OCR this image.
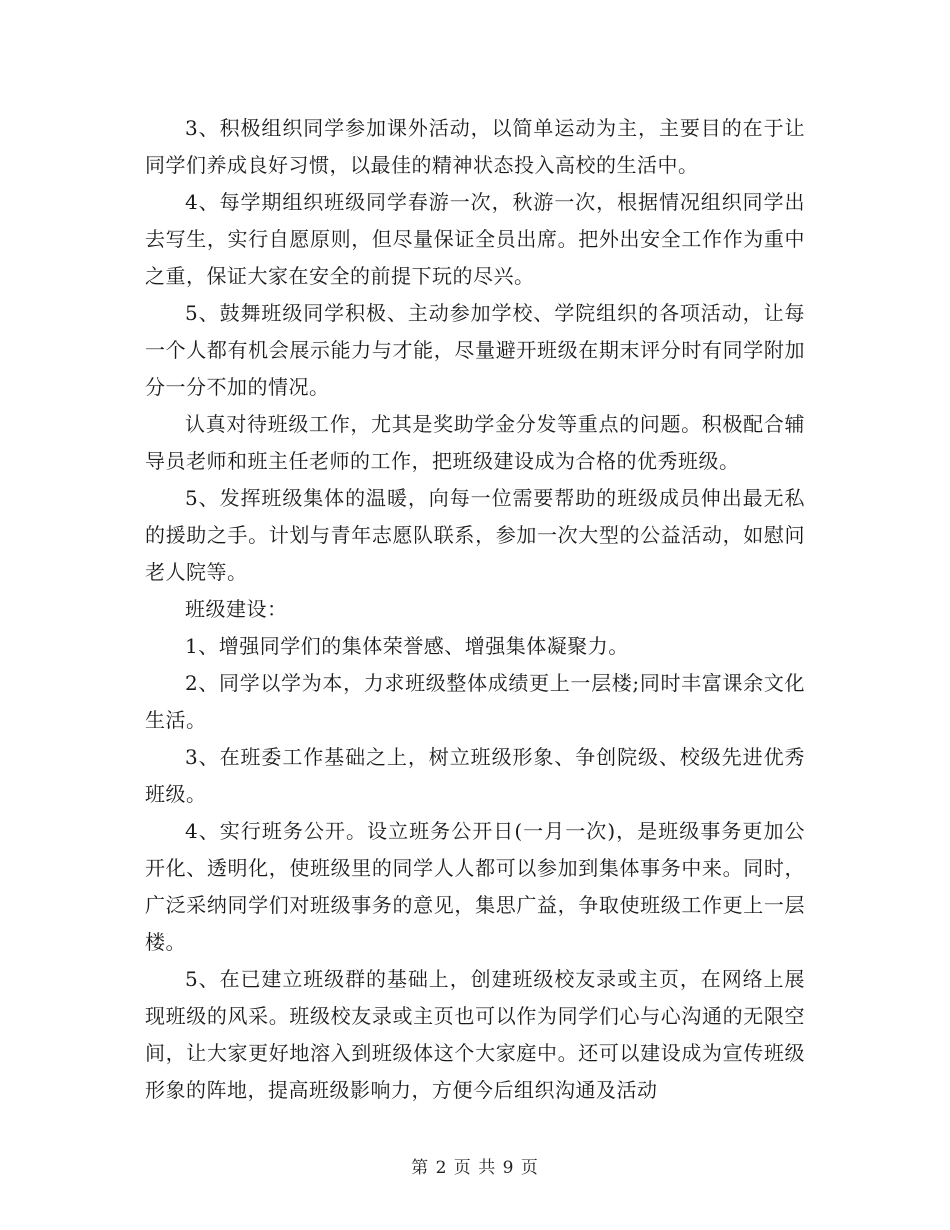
3、积极组织同学参加课外活动，以简单运动为主，主要目的在于让同学们养成良好习惯，以最佳的精神状态投入高校的生活中。

4、每学期组织班级同学春游一次，秋游一次，根据情况组织同学出去写生，实行自愿原则，但尽量保证全员出席。把外出安全工作作为重中之重，保证大家在安全的前提下玩的尽兴。

5、鼓舞班级同学积极、主动参加学校、学院组织的各项活动，让每一个人都有机会展示能力与才能，尽量避开班级在期末评分时有同学附加分一分不加的情况。

认真对待班级工作，尤其是奖助学金分发等重点的问题。积极配合辅导员老师和班主任老师的工作，把班级建设成为合格的优秀班级。

5、发挥班级集体的温暖，向每一位需要帮助的班级成员伸出最无私的援助之手。计划与青年志愿队联系，参加一次大型的公益活动，如慰问老人院等。

班级建设：

1、增强同学们的集体荣誉感、增强集体凝聚力。

2、同学以学为本，力求班级整体成绩更上一层楼;同时丰富课余文化生活。

3、在班委工作基础之上，树立班级形象、争创院级、校级先进优秀班级。

4、实行班务公开。设立班务公开日(一月一次)，是班级事务更加公开化、透明化，使班级里的同学人人都可以参加到集体事务中来。同时，广泛采纳同学们对班级事务的意见，集思广益，争取使班级工作更上一层楼。

5、在已建立班级群的基础上，创建班级校友录或主页，在网络上展现班级的风采。班级校友录或主页也可以作为同学们心与心沟通的无限空间，让大家更好地溶入到班级体这个大家庭中。还可以建设成为宣传班级形象的阵地，提高班级影响力，方便今后组织沟通及活动

第 2 页 共 9 页
